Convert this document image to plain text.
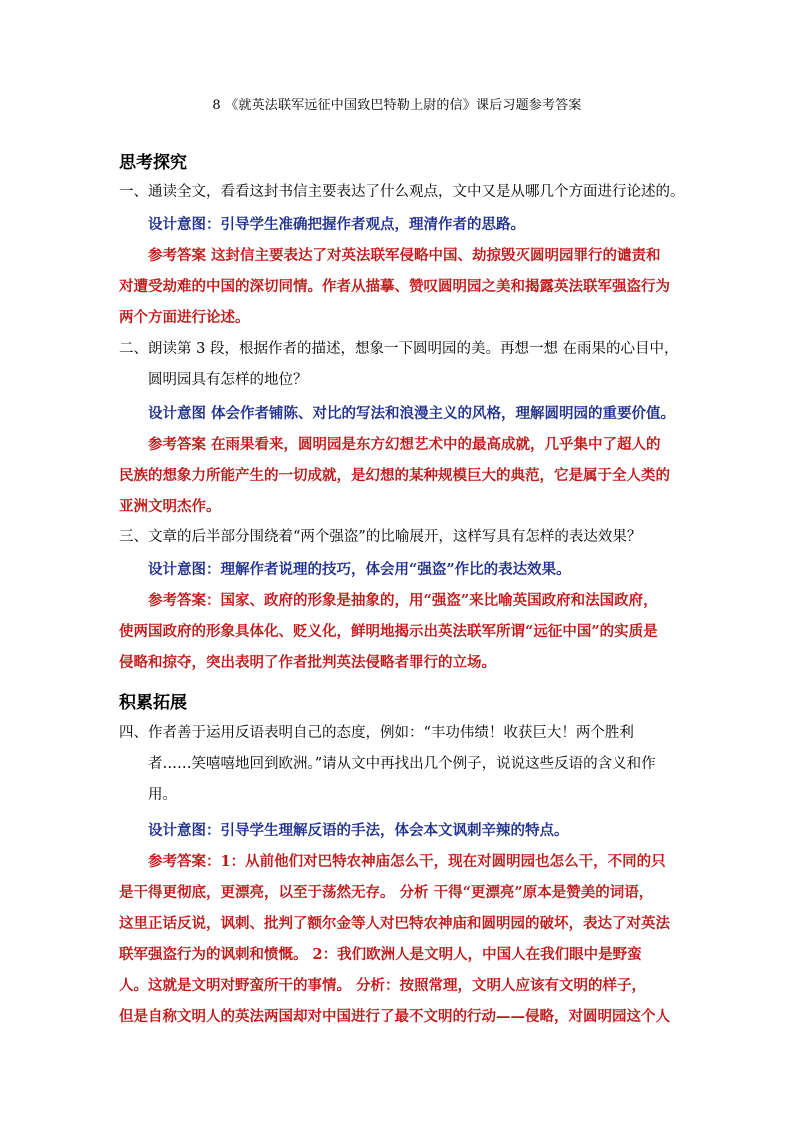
8 《就英法联军远征中国致巴特勒上尉的信》课后习题参考答案
思考探究
一、通读全文，看看这封书信主要表达了什么观点，文中又是从哪几个方面进行论述的。
设计意图：引导学生准确把握作者观点，理清作者的思路。
参考答案 这封信主要表达了对英法联军侵略中国、劫掠毁灭圆明园罪行的谴责和
对遭受劫难的中国的深切同情。作者从描摹、赞叹圆明园之美和揭露英法联军强盗行为
两个方面进行论述。
二、朗读第 3 段，根据作者的描述，想象一下圆明园的美。再想一想 在雨果的心目中，
圆明园具有怎样的地位？
设计意图 体会作者铺陈、对比的写法和浪漫主义的风格，理解圆明园的重要价值。
参考答案 在雨果看来，圆明园是东方幻想艺术中的最高成就，几乎集中了超人的
民族的想象力所能产生的一切成就，是幻想的某种规模巨大的典范，它是属于全人类的
亚洲文明杰作。
三、文章的后半部分围绕着“两个强盗”的比喻展开，这样写具有怎样的表达效果？
设计意图：理解作者说理的技巧，体会用“强盗”作比的表达效果。
参考答案：国家、政府的形象是抽象的，用“强盗”来比喻英国政府和法国政府，
使两国政府的形象具体化、贬义化，鲜明地揭示出英法联军所谓“远征中国”的实质是
侵略和掠夺，突出表明了作者批判英法侵略者罪行的立场。
积累拓展
四、作者善于运用反语表明自己的态度，例如：“丰功伟绩！收获巨大！两个胜利
者……笑嘻嘻地回到欧洲。”请从文中再找出几个例子，说说这些反语的含义和作
用。
设计意图：引导学生理解反语的手法，体会本文讽刺辛辣的特点。
参考答案：1：从前他们对巴特农神庙怎么干，现在对圆明园也怎么干，不同的只
是干得更彻底，更漂亮，以至于荡然无存。 分析 干得“更漂亮”原本是赞美的词语，
这里正话反说，讽刺、批判了额尔金等人对巴特农神庙和圆明园的破坏，表达了对英法
联军强盗行为的讽刺和愤慨。 2：我们欧洲人是文明人，中国人在我们眼中是野蛮
人。这就是文明对野蛮所干的事情。 分析：按照常理，文明人应该有文明的样子，
但是自称文明人的英法两国却对中国进行了最不文明的行动——侵略，对圆明园这个人
